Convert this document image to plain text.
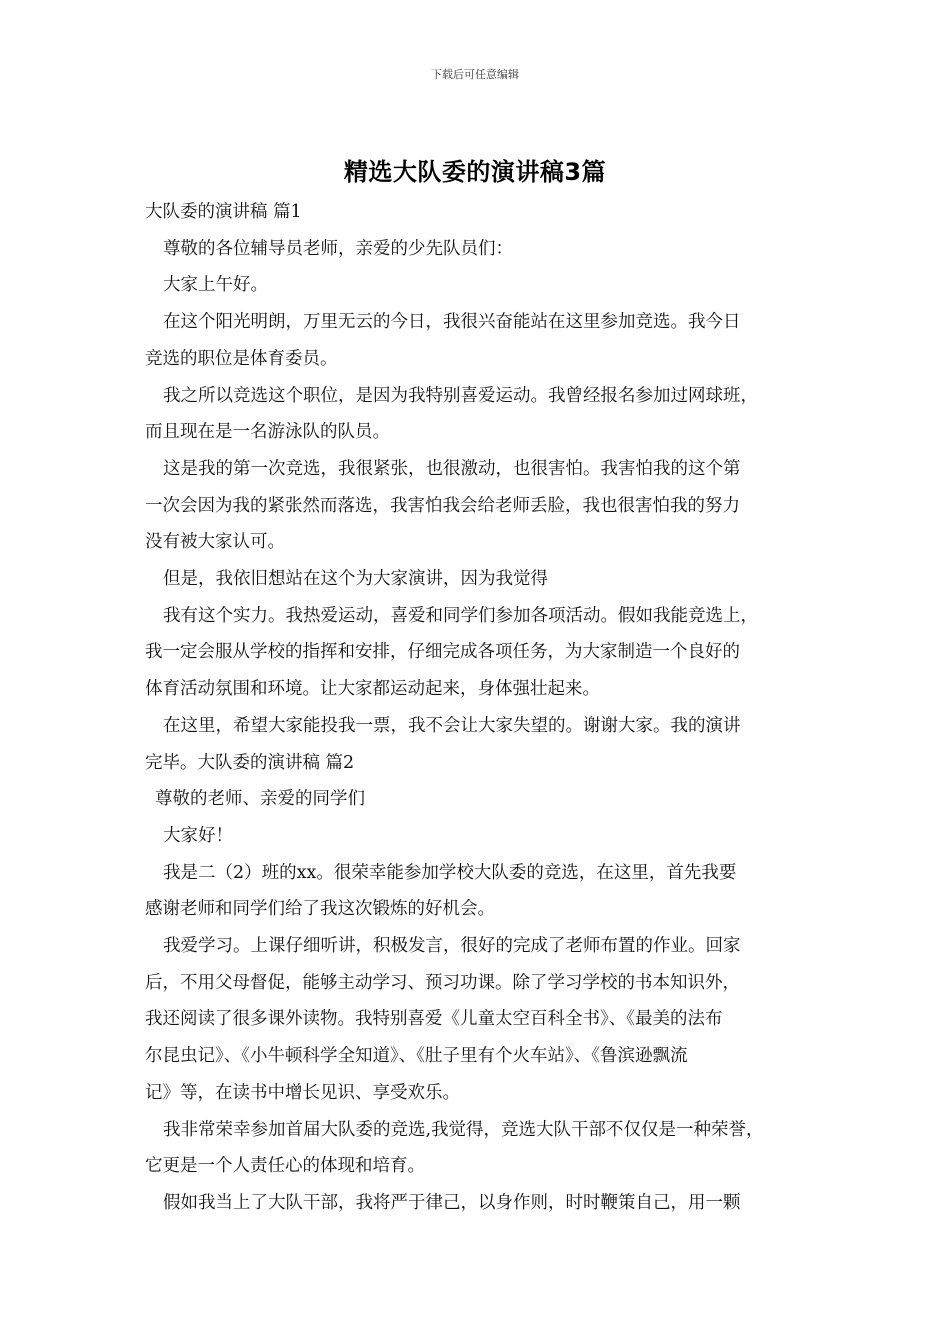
下载后可任意编辑
精选大队委的演讲稿3篇

大队委的演讲稿 篇1

尊敬的各位辅导员老师，亲爱的少先队员们：

大家上午好。

在这个阳光明朗，万里无云的今日，我很兴奋能站在这里参加竞选。我今日

竞选的职位是体育委员。

我之所以竞选这个职位，是因为我特别喜爱运动。我曾经报名参加过网球班，

而且现在是一名游泳队的队员。

这是我的第一次竞选，我很紧张，也很激动，也很害怕。我害怕我的这个第

一次会因为我的紧张然而落选，我害怕我会给老师丢脸，我也很害怕我的努力

没有被大家认可。

但是，我依旧想站在这个为大家演讲，因为我觉得

我有这个实力。我热爱运动，喜爱和同学们参加各项活动。假如我能竞选上，

我一定会服从学校的指挥和安排，仔细完成各项任务，为大家制造一个良好的

体育活动氛围和环境。让大家都运动起来，身体强壮起来。

在这里，希望大家能投我一票，我不会让大家失望的。谢谢大家。我的演讲

完毕。大队委的演讲稿 篇2

尊敬的老师、亲爱的同学们

大家好！

我是二（2）班的xx。很荣幸能参加学校大队委的竞选，在这里，首先我要

感谢老师和同学们给了我这次锻炼的好机会。

我爱学习。上课仔细听讲，积极发言，很好的完成了老师布置的作业。回家

后，不用父母督促，能够主动学习、预习功课。除了学习学校的书本知识外，

我还阅读了很多课外读物。我特别喜爱《儿童太空百科全书》、《最美的法布

尔昆虫记》、《小牛顿科学全知道》、《肚子里有个火车站》、《鲁滨逊飘流

记》等，在读书中增长见识、享受欢乐。

我非常荣幸参加首届大队委的竞选,我觉得，竞选大队干部不仅仅是一种荣誉，

它更是一个人责任心的体现和培育。

假如我当上了大队干部，我将严于律己，以身作则，时时鞭策自己，用一颗
